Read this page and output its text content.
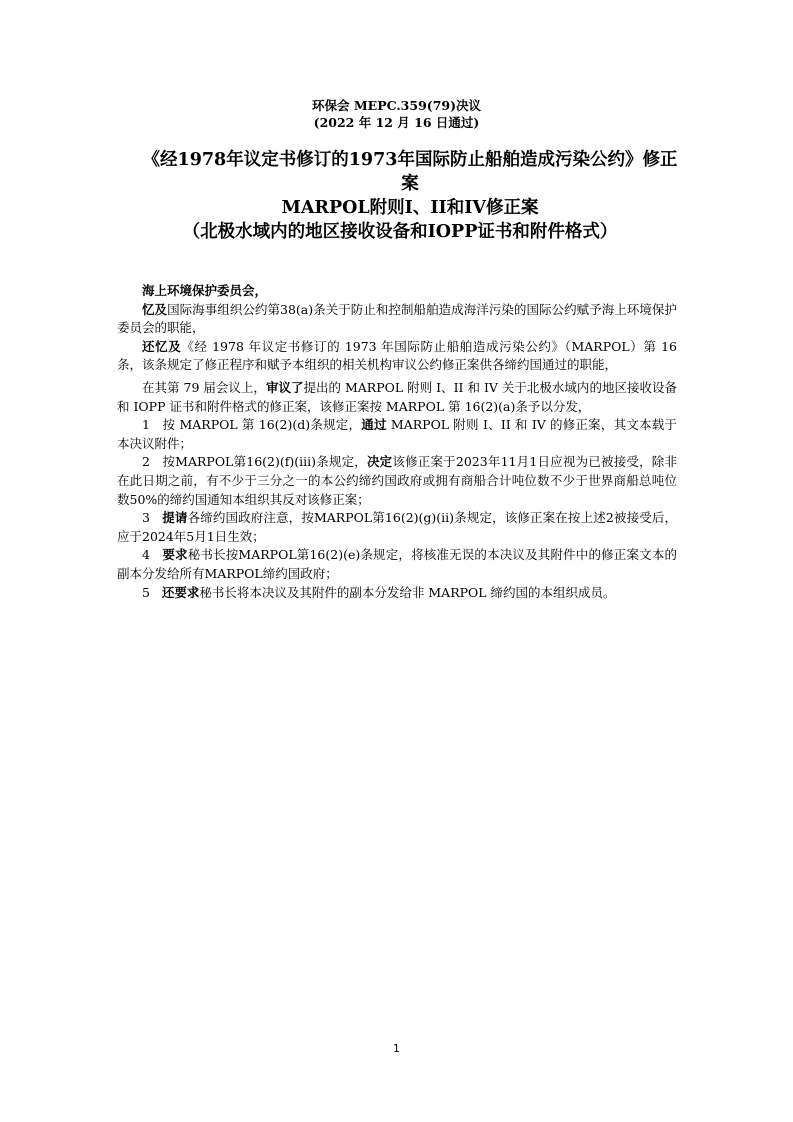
环保会 MEPC.359(79)决议
(2022 年 12 月 16 日通过)
《经1978年议定书修订的1973年国际防止船舶造成污染公约》修正案
MARPOL附则I、II和IV修正案
（北极水域内的地区接收设备和IOPP证书和附件格式）

海上环境保护委员会，

忆及国际海事组织公约第38(a)条关于防止和控制船舶造成海洋污染的国际公约赋予海上环境保护委员会的职能，

还忆及《经 1978 年议定书修订的 1973 年国际防止船舶造成污染公约》（MARPOL）第 16 条，该条规定了修正程序和赋予本组织的相关机构审议公约修正案供各缔约国通过的职能，

在其第 79 届会议上，审议了提出的 MARPOL 附则 I、II 和 IV 关于北极水域内的地区接收设备和 IOPP 证书和附件格式的修正案，该修正案按 MARPOL 第 16(2)(a)条予以分发，

1 按 MARPOL 第 16(2)(d)条规定，通过 MARPOL 附则 I、II 和 IV 的修正案，其文本载于本决议附件；

2 按MARPOL第16(2)(f)(iii)条规定，决定该修正案于2023年11月1日应视为已被接受，除非在此日期之前，有不少于三分之一的本公约缔约国政府或拥有商船合计吨位数不少于世界商船总吨位数50%的缔约国通知本组织其反对该修正案；

3 提请各缔约国政府注意，按MARPOL第16(2)(g)(ii)条规定，该修正案在按上述2被接受后，应于2024年5月1日生效；

4 要求秘书长按MARPOL第16(2)(e)条规定，将核准无误的本决议及其附件中的修正案文本的副本分发给所有MARPOL缔约国政府；

5 还要求秘书长将本决议及其附件的副本分发给非 MARPOL 缔约国的本组织成员。

1
